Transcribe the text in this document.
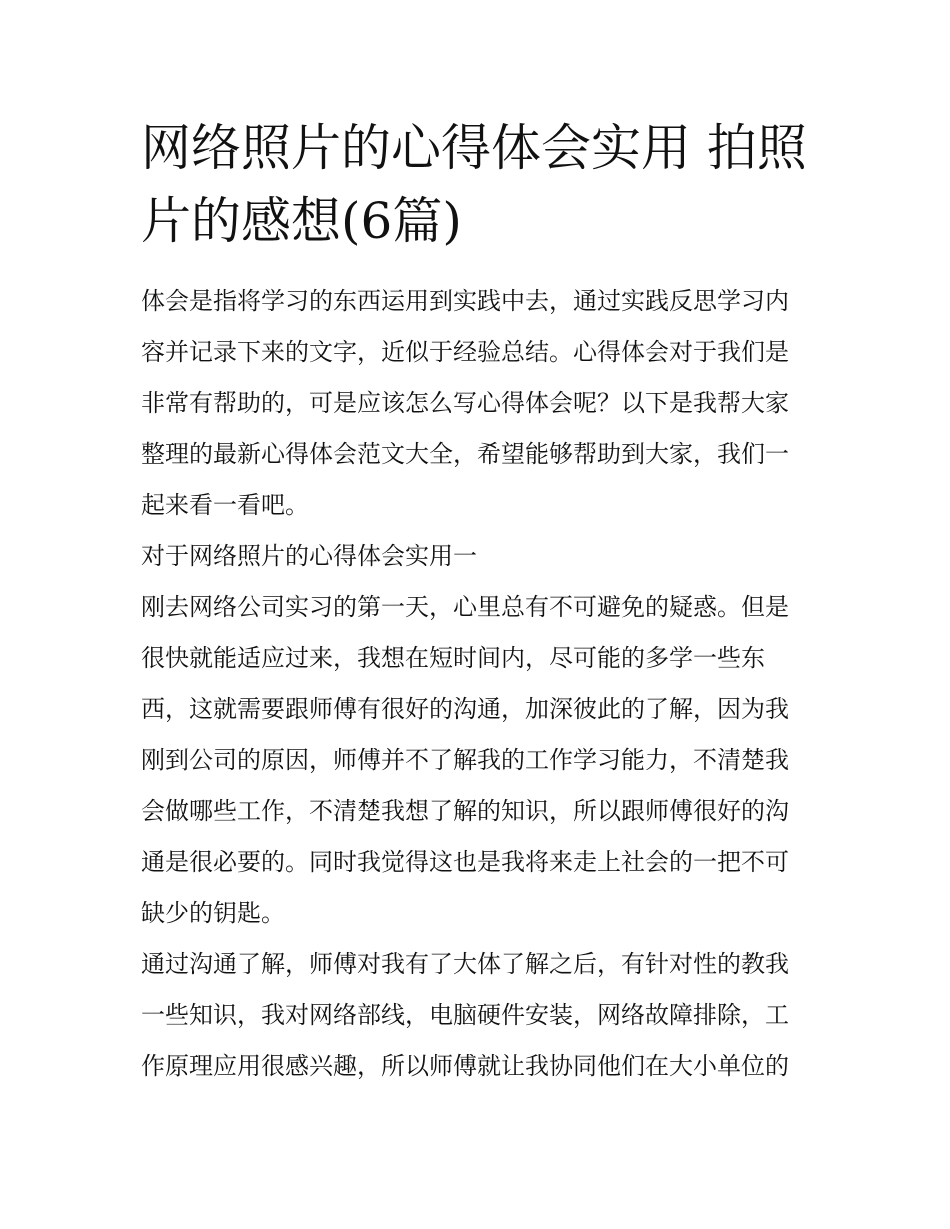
网络照片的心得体会实用 拍照
片的感想(6篇)
体会是指将学习的东西运用到实践中去，通过实践反思学习内
容并记录下来的文字，近似于经验总结。心得体会对于我们是
非常有帮助的，可是应该怎么写心得体会呢？以下是我帮大家
整理的最新心得体会范文大全，希望能够帮助到大家，我们一
起来看一看吧。
对于网络照片的心得体会实用一
刚去网络公司实习的第一天，心里总有不可避免的疑惑。但是
很快就能适应过来，我想在短时间内，尽可能的多学一些东
西，这就需要跟师傅有很好的沟通，加深彼此的了解，因为我
刚到公司的原因，师傅并不了解我的工作学习能力，不清楚我
会做哪些工作，不清楚我想了解的知识，所以跟师傅很好的沟
通是很必要的。同时我觉得这也是我将来走上社会的一把不可
缺少的钥匙。
通过沟通了解，师傅对我有了大体了解之后，有针对性的教我
一些知识，我对网络部线，电脑硬件安装，网络故障排除，工
作原理应用很感兴趣，所以师傅就让我协同他们在大小单位的
